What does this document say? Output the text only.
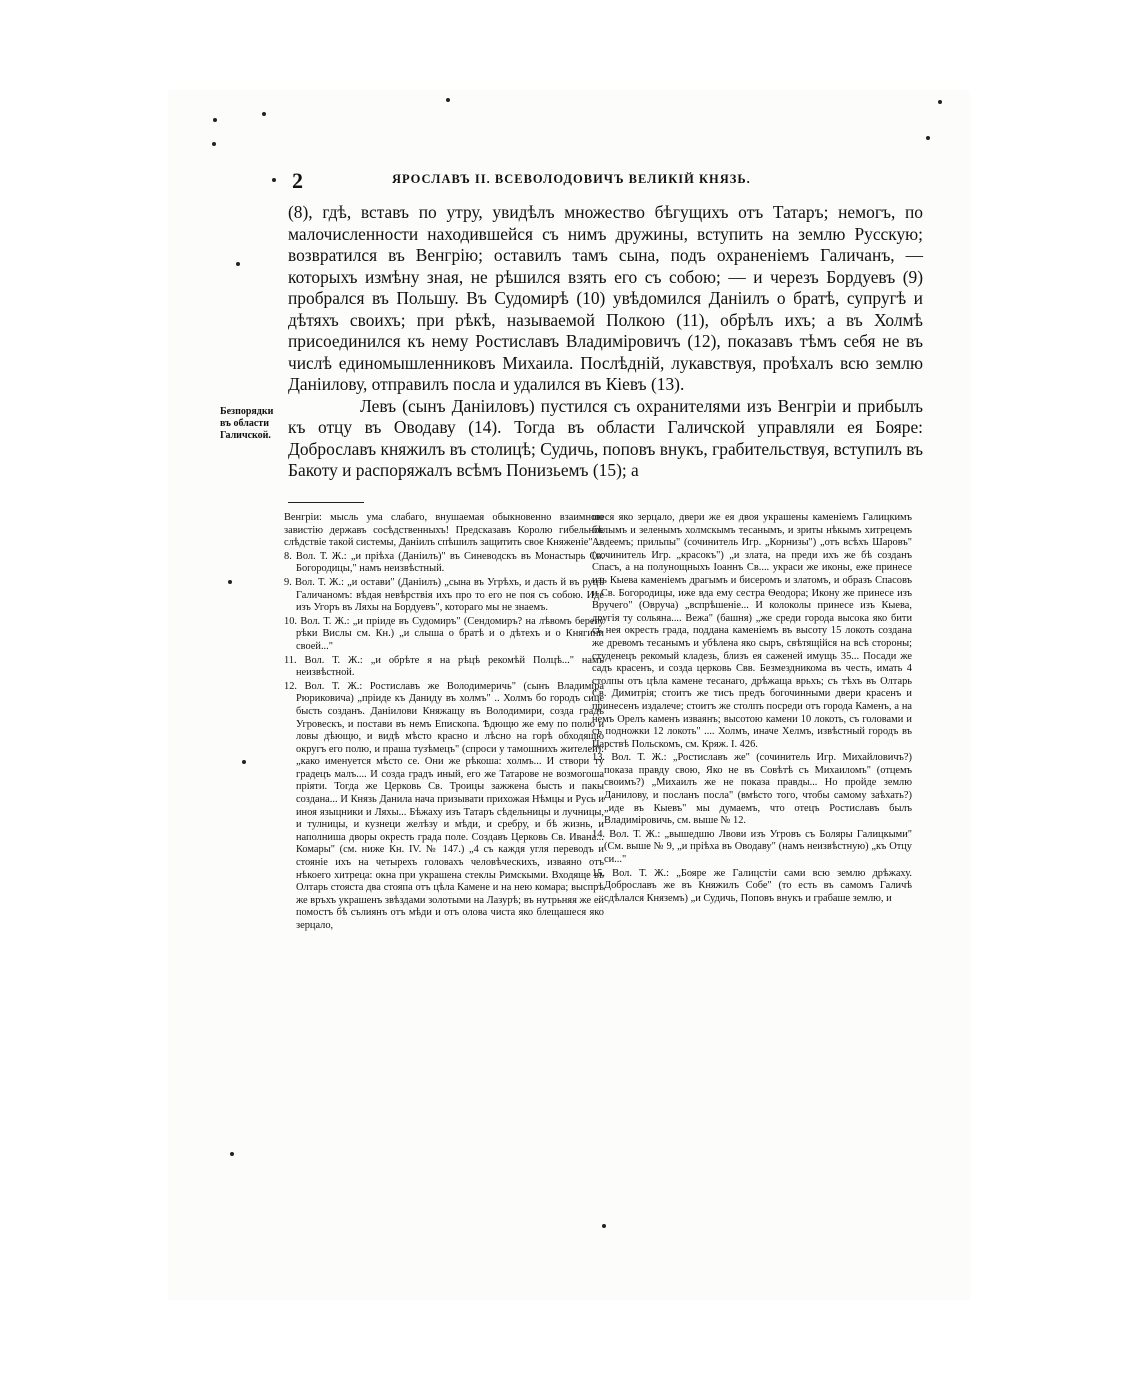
2	ЯРОСЛАВЪ II. ВСЕВОЛОДОВИЧЪ ВЕЛИКІЙ КНЯЗЬ.

(8), гдѣ, вставъ по утру, увидѣлъ множество бѣгущихъ отъ Татаръ; немогъ, по малочисленности находившейся съ нимъ дружины, вступить на землю Русскую; возвратился въ Венгрію; оставилъ тамъ сына, подъ охраненіемъ Галичанъ, — которыхъ измѣну зная, не рѣшился взять его съ собою; — и черезъ Бордуевъ (9) пробрался въ Польшу. Въ Судомирѣ (10) увѣдомился Даніилъ о братѣ, супругѣ и дѣтяхъ своихъ; при рѣкѣ, называемой Полкою (11), обрѣлъ ихъ; а въ Холмѣ присоединился къ нему Ростиславъ Владиміровичъ (12), показавъ тѣмъ себя не въ числѣ единомышленниковъ Михаила. Послѣдній, лукавствуя, проѣхалъ всю землю Даніилову, отправилъ посла и удалился въ Кіевъ (13).

Левъ (сынъ Даніиловъ) пустился съ охранителями изъ Венгріи и прибылъ къ отцу въ Оводаву (14). Тогда въ области Галичской управляли ея Бояре: Доброславъ княжилъ въ столицѣ; Судичь, поповъ внукъ, грабительствуя, вступилъ въ Бакоту и распоряжалъ всѣмъ Понизьемъ (15); а

Безпорядки въ области Галичской.

Венгріи: мысль ума слабаго, внушаемая обыкновенно взаимною завистію державъ сосѣдственныхъ! Предсказавъ Королю гибельное слѣдствіе такой системы, Даніилъ спѣшилъ защитить свое Княженіе" ..

8. Вол. Т. Ж.: „и пріѣха (Даніилъ)" въ Синеводскъ въ Монастырь Св. Богородицы," намъ неизвѣстный.

9. Вол. Т. Ж.: „и остави" (Даніилъ) „сына въ Угрѣхъ, и дасть й въ руцѣ Галичаномъ: вѣдая невѣрствія ихъ про то его не поя съ собою. Иде изъ Угоръ въ Ляхы на Бордуевъ", котораго мы не знаемъ.

10. Вол. Т. Ж.: „и пріиде въ Судомиръ" (Сендомиръ? на лѣвомъ берегу рѣки Вислы см. Кн.) „и слыша о братѣ и о дѣтехъ и о Княгини своей..."

11. Вол. Т. Ж.: „и обрѣте я на рѣцѣ рекомѣй Полцѣ..." намъ неизвѣстной.

12. Вол. Т. Ж.: Ростиславъ же Володимеричь" (сынъ Владиміра Рюриковича) „пріиде къ Даниду въ холмъ" .. Холмъ бо городъ сице бысть созданъ. Даніилови Княжащу въ Володимири, созда градъ Угровескъ, и постави въ немъ Епископа. Ѣдющю же ему по полю и ловы дѣющю, и видѣ мѣсто красно и лѣсно на горѣ обходящю округъ его полю, и праша тузѣмецъ" (спроси у тамошнихъ жителей): „како именуется мѣсто се. Они же рѣкоша: холмъ... И створи ту градецъ малъ.... И созда градъ иный, его же Татарове не возмогоша пріяти. Тогда же Церковь Св. Троицы зажжена бысть и пакы создана... И Князь Данила нача призывати прихожая Нѣмцы и Русь и иноя языцники и Ляхы... Бѣжаху изъ Татаръ сѣдельницы и лучницы, и тулницы, и кузнеци желѣзу и мѣди, и сребру, и бѣ жизнь, и наполниша дворы окресть града поле. Создавъ Церковь Св. Ивана... Комары" (см. ниже Кн. IV. № 147.) „4 съ каждя угля переводъ и стояніе ихъ на четырехъ головахъ человѣческихъ, изваяно отъ нѣкоего хитреца: окна при украшена стеклы Римскыми. Входяще въ Олтарь стояста два стояпа отъ цѣла Камене и на нею комара; выспрѣ же връхъ украшенъ звѣздами золотыми на Лазурѣ; въ нутрьняя же ей помостъ бѣ сълиянъ отъ мѣди и отъ олова чиста яко блещашеся яко зерцало,

шеся яко зерцало, двери же ея двоя украшены каменіемъ Галицкимъ бѣлымъ и зеленымъ холмскымъ тесанымъ, и зриты нѣкымъ хитрецемъ Авдеемъ; прильпы" (сочинитель Игр. „Корнизы") „отъ всѣхъ Шаровъ" (сочинитель Игр. „красокъ") „и злата, на преди ихъ же бѣ созданъ Спасъ, а на полунощныхъ Іоаннъ Св.... украси же иконы, еже принесе изъ Кыева каменіемъ драгымъ и бисеромъ и златомъ, и образъ Спасовъ и Св. Богородицы, иже вда ему сестра Ѳеодора; Икону же принесе изъ Вручего" (Овруча) „вспрѣшеніе... И колоколы принесе изъ Кыева, другія ту сольяна.... Вежа" (башня) „же среди города высока яко бити съ нея окресть града, поддана каменіемъ въ высоту 15 локоть создана же древомъ тесанымъ и убѣлена яко сыръ, свѣтящійся на всѣ стороны; студенецъ рекомый кладезь, близъ ея саженей имущь 35... Посади же садъ красенъ, и созда церковь Свв. Безмездникома въ честь, имать 4 столпы отъ цѣла камене тесанаго, дрѣжаща врьхъ; съ тѣхъ въ Олтарь Св. Димитрія; стоитъ же тисъ предъ богочинными двери красенъ и принесенъ издалече; стоитъ же столпъ посреди отъ города Каменъ, а на немъ Орелъ каменъ изваянъ; высотою камени 10 локоть, съ головами и съ подножки 12 локоть" .... Холмъ, иначе Хелмъ, извѣстный городъ въ Царствѣ Польскомъ, см. Кряж. I. 426.

13. Вол. Т. Ж.: „Ростиславъ же" (сочинитель Игр. Михайловичъ?) показа правду свою, Яко не въ Совѣтѣ съ Михаиломъ" (отцемъ своимъ?) „Михаилъ же не показа правды... Но пройде землю Данилову, и посланъ посла" (вмѣсто того, чтобы самому заѣхать?) „иде въ Кыевъ" мы думаемъ, что отецъ Ростиславъ былъ Владиміровичь, см. выше № 12.

14. Вол. Т. Ж.: „вышедшю Лвови изъ Угровъ съ Боляры Галицкыми" (См. выше № 9, „и пріѣха въ Оводаву" (намъ неизвѣстную) „къ Отцу си..."

15. Вол. Т. Ж.: „Бояре же Галицстіи сами всю землю дрѣжаху. Доброславъ же въ Княжилъ Собе" (то есть въ самомъ Галичѣ сдѣлался Княземъ) „и Судичь, Поповъ внукъ и грабаше землю, и
